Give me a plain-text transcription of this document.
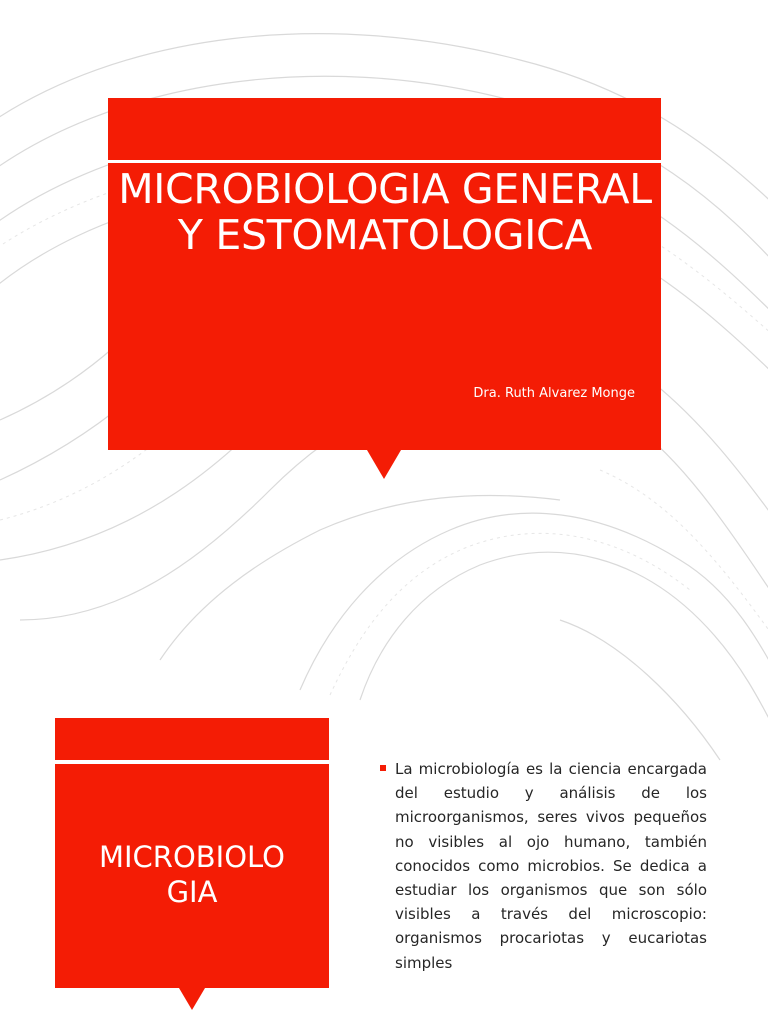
MICROBIOLOGIA GENERAL
Y ESTOMATOLOGICA
Dra. Ruth Alvarez Monge
MICROBIOLO
GIA
La microbiología es la ciencia encargada del estudio y análisis de los microorganismos, seres vivos pequeños no visibles al ojo humano, también conocidos como microbios. Se dedica a estudiar los organismos que son sólo visibles a través del microscopio: organismos procariotas y eucariotas simples
